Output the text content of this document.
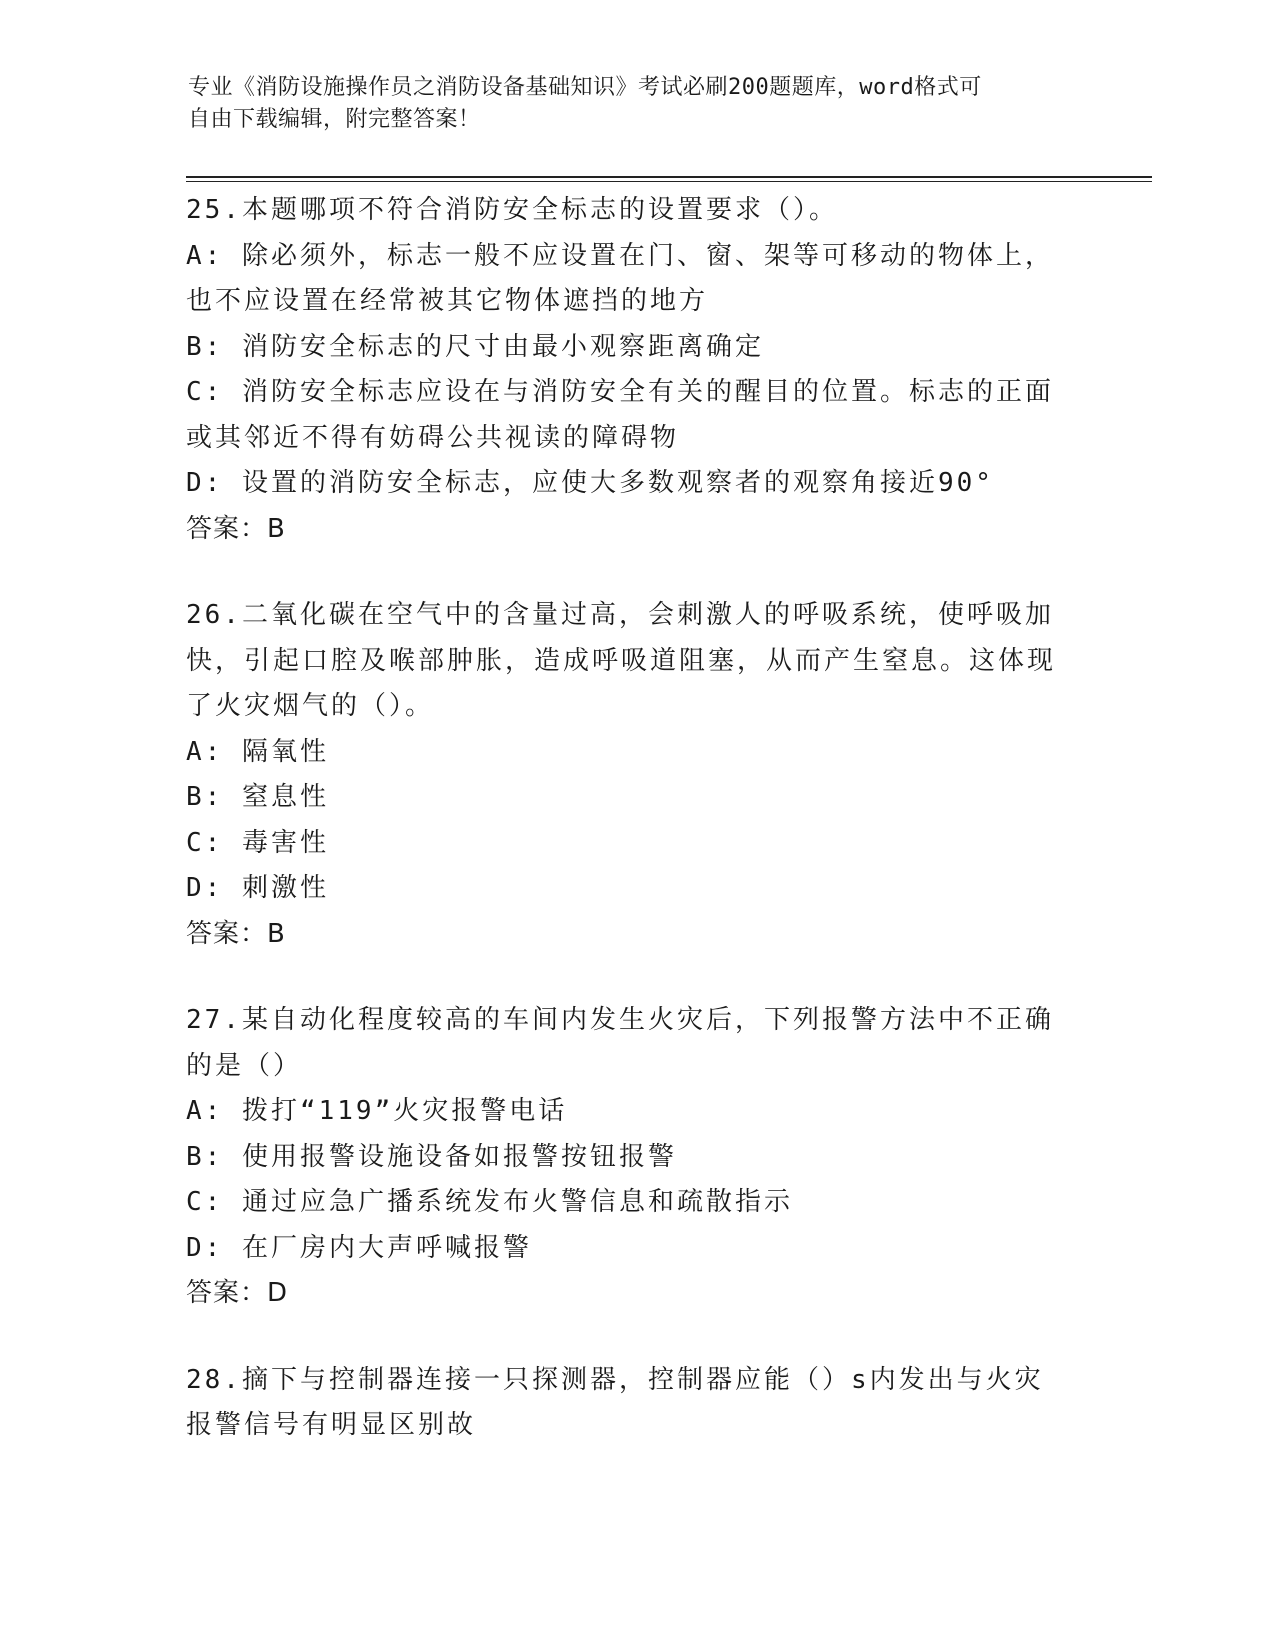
专业《消防设施操作员之消防设备基础知识》考试必刷200题题库，word格式可
自由下载编辑，附完整答案！

25.本题哪项不符合消防安全标志的设置要求（）。

A: 除必须外，标志一般不应设置在门、窗、架等可移动的物体上，也不应设置在经常被其它物体遮挡的地方

B: 消防安全标志的尺寸由最小观察距离确定

C: 消防安全标志应设在与消防安全有关的醒目的位置。标志的正面或其邻近不得有妨碍公共视读的障碍物

D: 设置的消防安全标志，应使大多数观察者的观察角接近90°

答案：B

26.二氧化碳在空气中的含量过高，会刺激人的呼吸系统，使呼吸加快，引起口腔及喉部肿胀，造成呼吸道阻塞，从而产生窒息。这体现了火灾烟气的（）。

A: 隔氧性

B: 窒息性

C: 毒害性

D: 刺激性

答案：B

27.某自动化程度较高的车间内发生火灾后，下列报警方法中不正确的是（）

A: 拨打“119”火灾报警电话

B: 使用报警设施设备如报警按钮报警

C: 通过应急广播系统发布火警信息和疏散指示

D: 在厂房内大声呼喊报警

答案：D

28.摘下与控制器连接一只探测器，控制器应能（）s内发出与火灾报警信号有明显区别故
